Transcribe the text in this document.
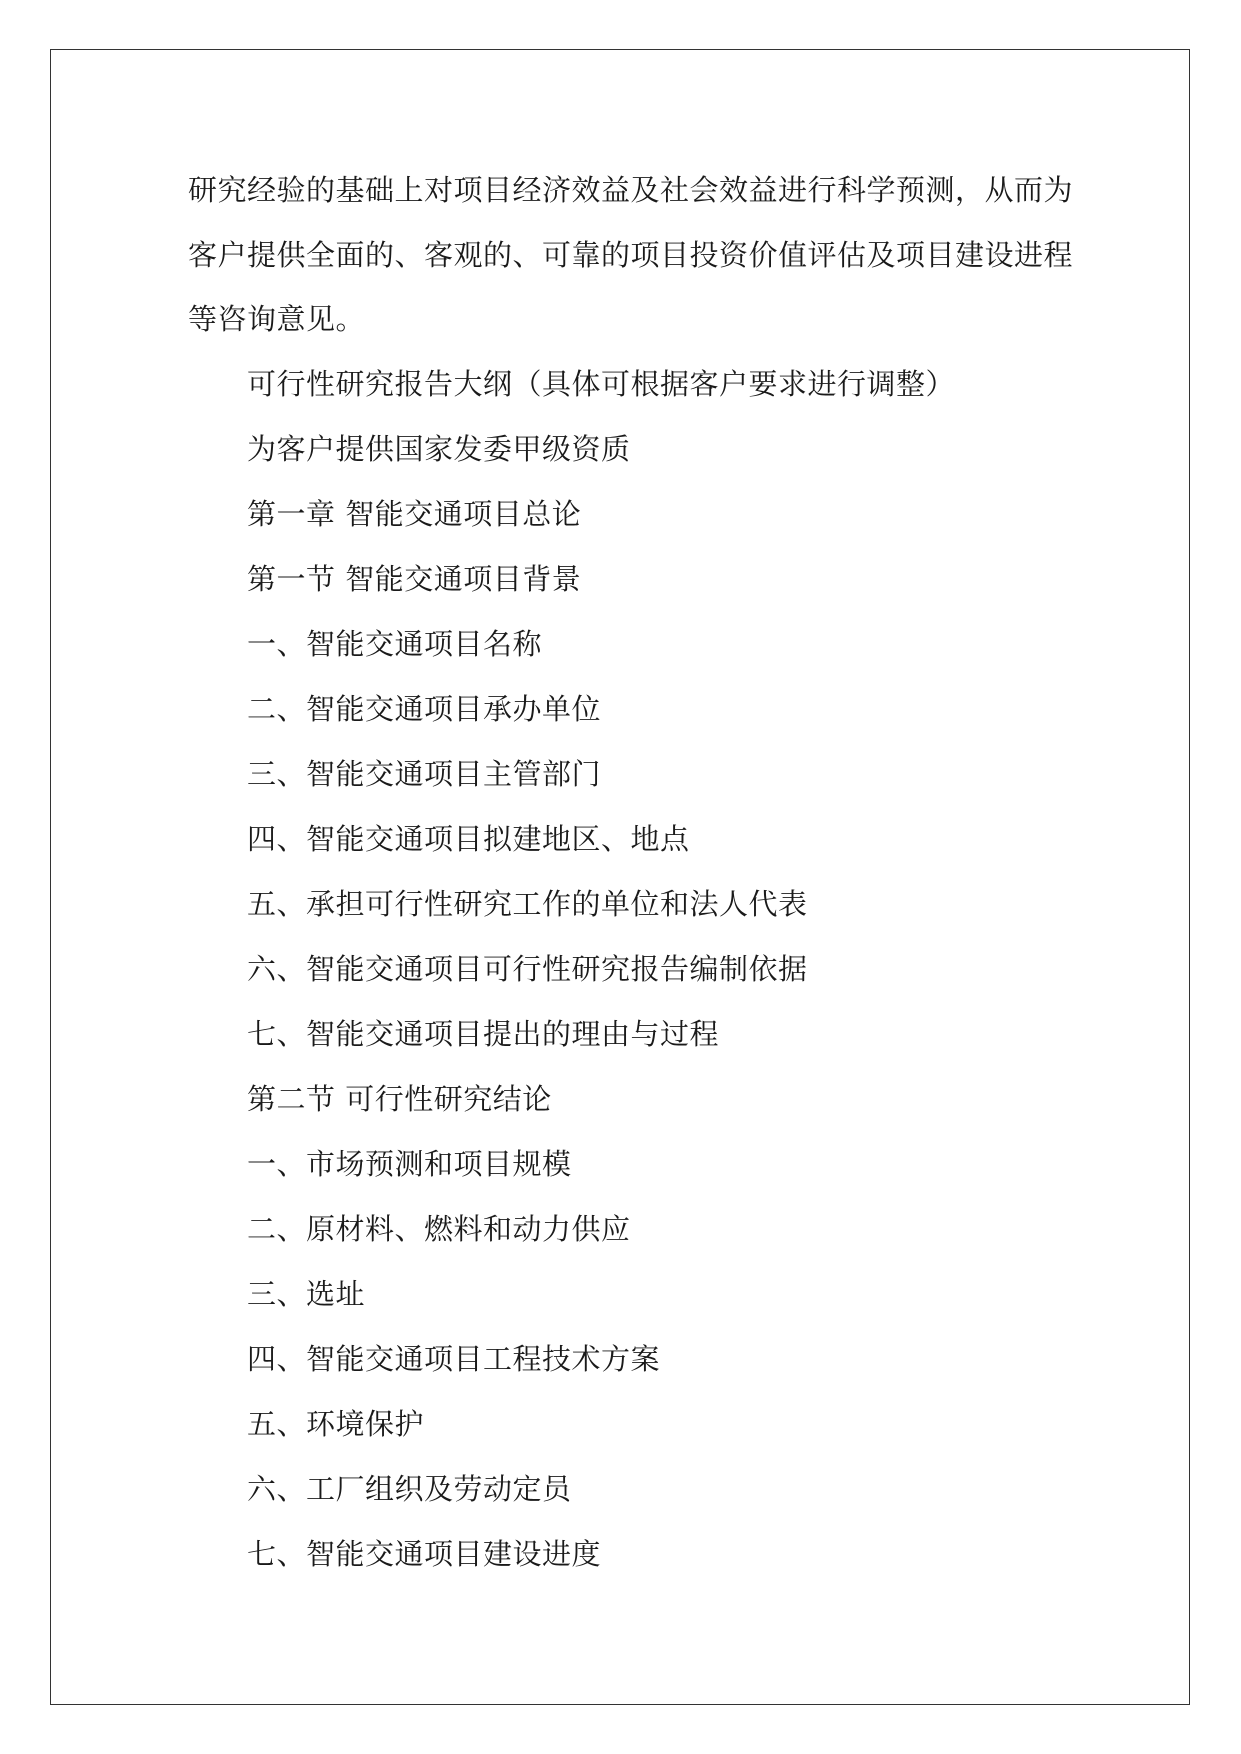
研究经验的基础上对项目经济效益及社会效益进行科学预测，从而为
客户提供全面的、客观的、可靠的项目投资价值评估及项目建设进程
等咨询意见。
可行性研究报告大纲（具体可根据客户要求进行调整）
为客户提供国家发委甲级资质
第一章 智能交通项目总论
第一节 智能交通项目背景
一、智能交通项目名称
二、智能交通项目承办单位
三、智能交通项目主管部门
四、智能交通项目拟建地区、地点
五、承担可行性研究工作的单位和法人代表
六、智能交通项目可行性研究报告编制依据
七、智能交通项目提出的理由与过程
第二节 可行性研究结论
一、市场预测和项目规模
二、原材料、燃料和动力供应
三、选址
四、智能交通项目工程技术方案
五、环境保护
六、工厂组织及劳动定员
七、智能交通项目建设进度
